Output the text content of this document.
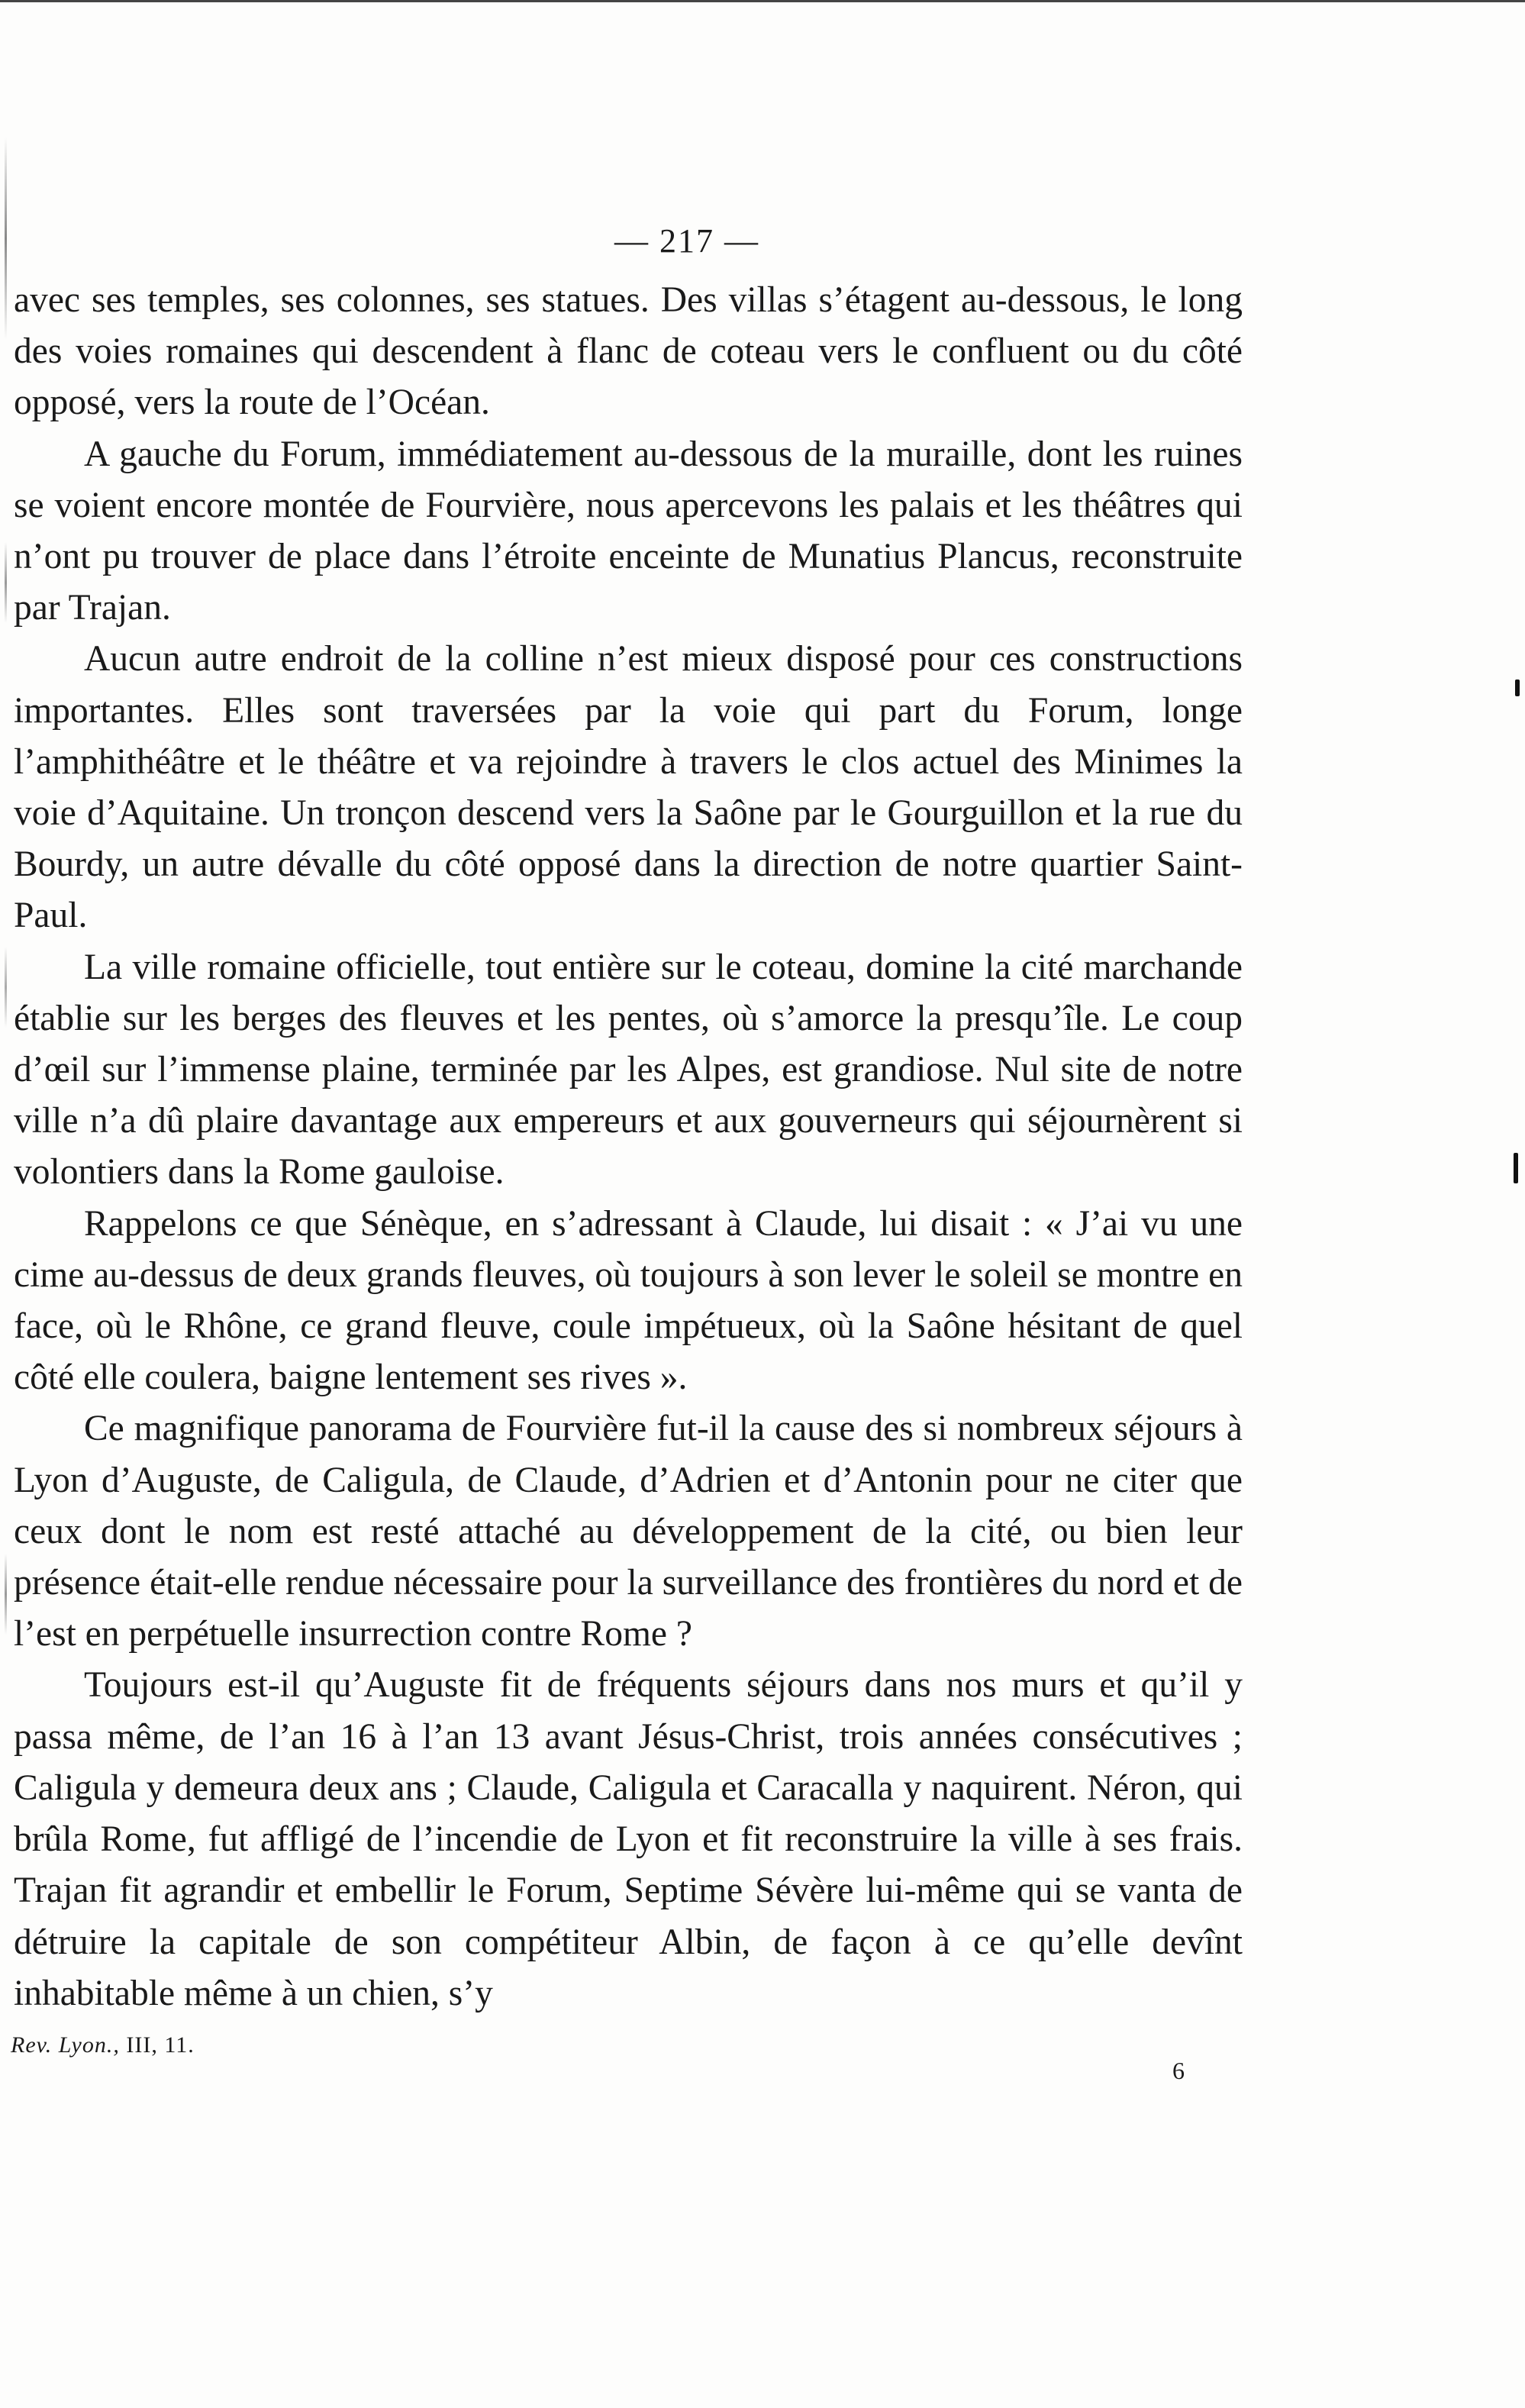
— 217 —

avec ses temples, ses colonnes, ses statues. Des villas s’étagent au-dessous, le long des voies romaines qui descendent à flanc de coteau vers le confluent ou du côté opposé, vers la route de l’Océan.

A gauche du Forum, immédiatement au-dessous de la muraille, dont les ruines se voient encore montée de Fourvière, nous apercevons les palais et les théâtres qui n’ont pu trouver de place dans l’étroite enceinte de Munatius Plancus, reconstruite par Trajan.

Aucun autre endroit de la colline n’est mieux disposé pour ces constructions importantes. Elles sont traversées par la voie qui part du Forum, longe l’amphithéâtre et le théâtre et va rejoindre à travers le clos actuel des Minimes la voie d’Aquitaine. Un tronçon descend vers la Saône par le Gourguillon et la rue du Bourdy, un autre dévalle du côté opposé dans la direction de notre quartier Saint-Paul.

La ville romaine officielle, tout entière sur le coteau, domine la cité marchande établie sur les berges des fleuves et les pentes, où s’amorce la presqu’île. Le coup d’œil sur l’immense plaine, terminée par les Alpes, est grandiose. Nul site de notre ville n’a dû plaire davantage aux empereurs et aux gouverneurs qui séjournèrent si volontiers dans la Rome gauloise.

Rappelons ce que Sénèque, en s’adressant à Claude, lui disait : « J’ai vu une cime au-dessus de deux grands fleuves, où toujours à son lever le soleil se montre en face, où le Rhône, ce grand fleuve, coule impétueux, où la Saône hésitant de quel côté elle coulera, baigne lentement ses rives ».

Ce magnifique panorama de Fourvière fut-il la cause des si nombreux séjours à Lyon d’Auguste, de Caligula, de Claude, d’Adrien et d’Antonin pour ne citer que ceux dont le nom est resté attaché au développement de la cité, ou bien leur présence était-elle rendue nécessaire pour la surveillance des frontières du nord et de l’est en perpétuelle insurrection contre Rome ?

Toujours est-il qu’Auguste fit de fréquents séjours dans nos murs et qu’il y passa même, de l’an 16 à l’an 13 avant Jésus-Christ, trois années consécutives ; Caligula y demeura deux ans ; Claude, Caligula et Caracalla y naquirent. Néron, qui brûla Rome, fut affligé de l’incendie de Lyon et fit reconstruire la ville à ses frais. Trajan fit agrandir et embellir le Forum, Septime Sévère lui-même qui se vanta de détruire la capitale de son compétiteur Albin, de façon à ce qu’elle devînt inhabitable même à un chien, s’y

Rev. Lyon., III, 11.
6
